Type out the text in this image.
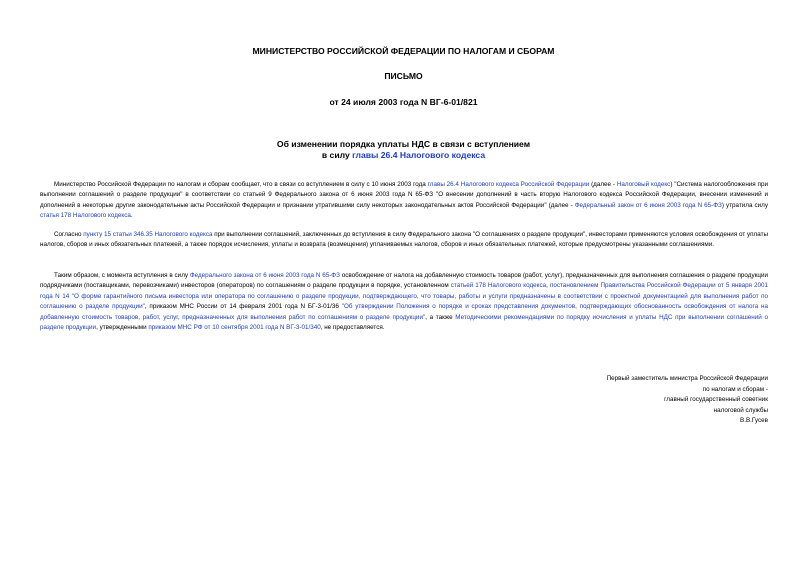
МИНИСТЕРСТВО РОССИЙСКОЙ ФЕДЕРАЦИИ ПО НАЛОГАМ И СБОРАМ
ПИСЬМО
от 24 июля 2003 года N ВГ-6-01/821
Об изменении порядка уплаты НДС в связи с вступлением
в силу главы 26.4 Налогового кодекса
Министерство Российской Федерации по налогам и сборам сообщает, что в связи со вступлением в силу с 10 июня 2003 года главы 26.4 Налогового кодекса Российской Федерации (далее - Налоговый кодекс) "Система налогообложения при выполнении соглашений о разделе продукции" в соответствии со статьей 9 Федерального закона от 6 июня 2003 года N 65-ФЗ "О внесении дополнений в часть вторую Налогового кодекса Российской Федерации, внесении изменений и дополнений в некоторые другие законодательные акты Российской Федерации и признании утратившими силу некоторых законодательных актов Российской Федерации" (далее - Федеральный закон от 6 июня 2003 года N 65-ФЗ) утратила силу статья 178 Налогового кодекса.
Согласно пункту 15 статьи 346.35 Налогового кодекса при выполнении соглашений, заключенных до вступления в силу Федерального закона "О соглашениях о разделе продукции", инвесторами применяются условия освобождения от уплаты налогов, сборов и иных обязательных платежей, а также порядок исчисления, уплаты и возврата (возмещения) уплачиваемых налогов, сборов и иных обязательных платежей, которые предусмотрены указанными соглашениями.
Таким образом, с момента вступления в силу Федерального закона от 6 июня 2003 года N 65-ФЗ освобождение от налога на добавленную стоимость товаров (работ, услуг), предназначенных для выполнения соглашения о разделе продукции подрядчиками (поставщиками, перевозчиками) инвесторов (операторов) по соглашениям о разделе продукции в порядке, установленном статьей 178 Налогового кодекса, постановлением Правительства Российской Федерации от 5 января 2001 года N 14 "О форме гарантийного письма инвестора или оператора по соглашению о разделе продукции, подтверждающего, что товары, работы и услуги предназначены в соответствии с проектной документацией для выполнения работ по соглашению о разделе продукции", приказом МНС России от 14 февраля 2001 года N БГ-3-01/36 "Об утверждении Положения о порядке и сроках представления документов, подтверждающих обоснованность освобождения от налога на добавленную стоимость товаров, работ, услуг, предназначенных для выполнения работ по соглашениям о разделе продукции", а также Методическими рекомендациями по порядку исчисления и уплаты НДС при выполнении соглашений о разделе продукции, утвержденными приказом МНС РФ от 10 сентября 2001 года N ВГ-3-01/340, не предоставляется.
Первый заместитель министра Российской Федерации
по налогам и сборам -
главный государственный советник
налоговой службы
В.В.Гусев
